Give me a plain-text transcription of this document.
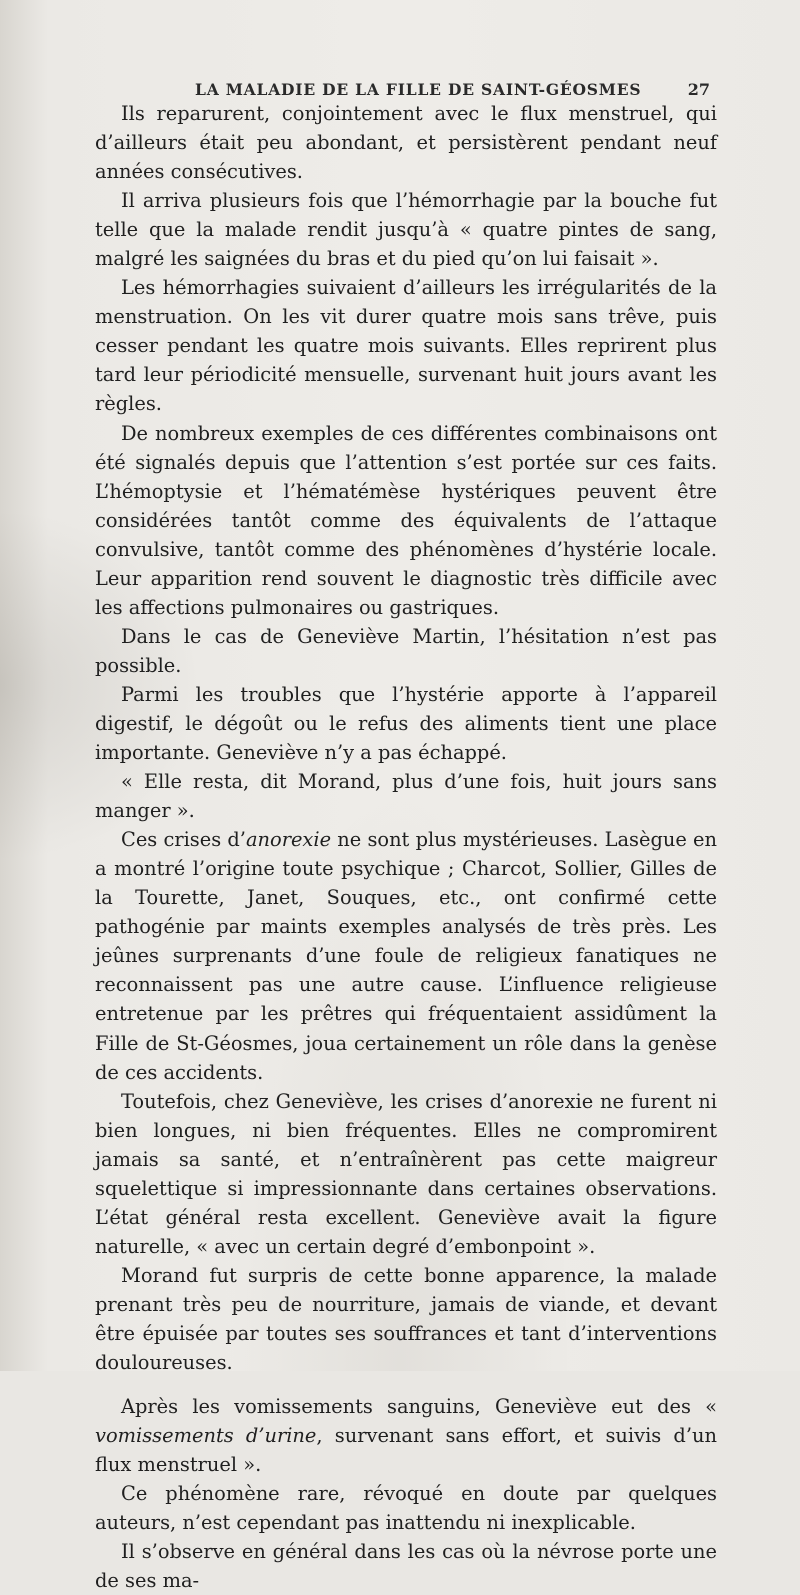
LA MALADIE DE LA FILLE DE SAINT-GÉOSMES	27

Ils reparurent, conjointement avec le flux menstruel, qui d’ailleurs était peu abondant, et persistèrent pendant neuf années consécutives.

Il arriva plusieurs fois que l’hémorrhagie par la bouche fut telle que la malade rendit jusqu’à « quatre pintes de sang, malgré les saignées du bras et du pied qu’on lui faisait ».

Les hémorrhagies suivaient d’ailleurs les irrégularités de la menstruation. On les vit durer quatre mois sans trêve, puis cesser pendant les quatre mois suivants. Elles reprirent plus tard leur périodicité mensuelle, survenant huit jours avant les règles.

De nombreux exemples de ces différentes combinaisons ont été signalés depuis que l’attention s’est portée sur ces faits. L’hémoptysie et l’hématémèse hystériques peuvent être considérées tantôt comme des équivalents de l’attaque convulsive, tantôt comme des phénomènes d’hystérie locale. Leur apparition rend souvent le diagnostic très difficile avec les affections pulmonaires ou gastriques.

Dans le cas de Geneviève Martin, l’hésitation n’est pas possible.

Parmi les troubles que l’hystérie apporte à l’appareil digestif, le dégoût ou le refus des aliments tient une place importante. Geneviève n’y a pas échappé.

« Elle resta, dit Morand, plus d’une fois, huit jours sans manger ».

Ces crises d’anorexie ne sont plus mystérieuses. Lasègue en a montré l’origine toute psychique ; Charcot, Sollier, Gilles de la Tourette, Janet, Souques, etc., ont confirmé cette pathogénie par maints exemples analysés de très près. Les jeûnes surprenants d’une foule de religieux fanatiques ne reconnaissent pas une autre cause. L’influence religieuse entretenue par les prêtres qui fréquentaient assidûment la Fille de St-Géosmes, joua certainement un rôle dans la genèse de ces accidents.

Toutefois, chez Geneviève, les crises d’anorexie ne furent ni bien longues, ni bien fréquentes. Elles ne compromirent jamais sa santé, et n’entraînèrent pas cette maigreur squelettique si impressionnante dans certaines observations. L’état général resta excellent. Geneviève avait la figure naturelle, « avec un certain degré d’embonpoint ».

Morand fut surpris de cette bonne apparence, la malade prenant très peu de nourriture, jamais de viande, et devant être épuisée par toutes ses souffrances et tant d’interventions douloureuses.

Après les vomissements sanguins, Geneviève eut des « vomissements d’urine, survenant sans effort, et suivis d’un flux menstruel ».

Ce phénomène rare, révoqué en doute par quelques auteurs, n’est cependant pas inattendu ni inexplicable.

Il s’observe en général dans les cas où la névrose porte une de ses ma-
